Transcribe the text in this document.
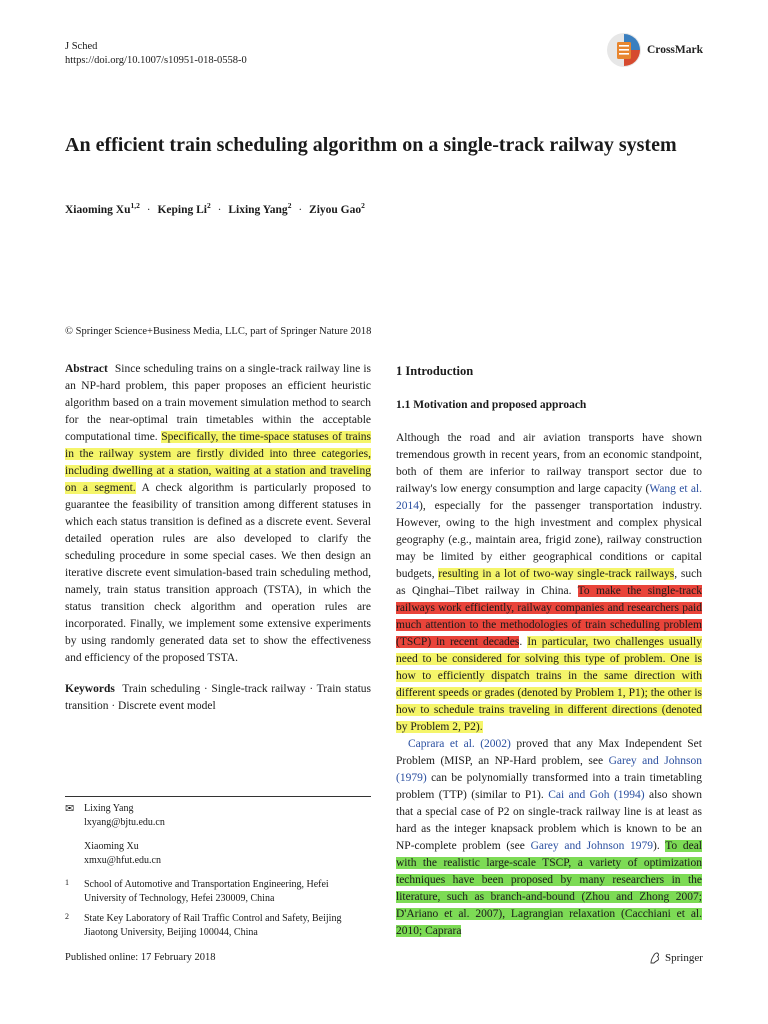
J Sched
https://doi.org/10.1007/s10951-018-0558-0
CrossMark
An efficient train scheduling algorithm on a single-track railway system
Xiaoming Xu$^{1,2}$ · Keping $Li^2$ · Lixing Yang$^2$ · Ziyou Gao$^2$
© Springer Science+Business Media, LLC, part of Springer Nature 2018

Abstract Since scheduling trains on a single-track railway line is an NP-hard problem, this paper proposes an efficient heuristic algorithm based on a train movement simulation method to search for the near-optimal train timetables within the acceptable computational time. Specifically, the time-space statuses of trains in the railway system are firstly divided into three categories, including dwelling at a station, waiting at a station and traveling on a segment. A check algorithm is particularly proposed to guarantee the feasibility of transition among different statuses in which each status transition is defined as a discrete event. Several detailed operation rules are also developed to clarify the scheduling procedure in some special cases. We then design an iterative discrete event simulation-based train scheduling method, namely, train status transition approach (TSTA), in which the status transition check algorithm and operation rules are incorporated. Finally, we implement some extensive experiments by using randomly generated data set to show the effectiveness and efficiency of the proposed TSTA.

Keywords Train scheduling · Single-track railway · Train status transition · Discrete event model

✉ Lixing Yang
lxyang@bjtu.edu.cn
Xiaoming Xu
xmxu@hfut.edu.cn
1	School of Automotive and Transportation Engineering, Hefei University of Technology, Hefei 230009, China
2	State Key Laboratory of Rail Traffic Control and Safety, Beijing Jiaotong University, Beijing 100044, China
1 Introduction
1.1 Motivation and proposed approach

Although the road and air aviation transports have shown tremendous growth in recent years, from an economic standpoint, both of them are inferior to railway transport sector due to railway's low energy consumption and large capacity (Wang et al. 2014), especially for the passenger transportation industry. However, owing to the high investment and complex physical geography (e.g., maintain area, frigid zone), railway construction may be limited by either geographical conditions or capital budgets, resulting in a lot of two-way single-track railways, such as Qinghai–Tibet railway in China. To make the single-track railways work efficiently, railway companies and researchers paid much attention to the methodologies of train scheduling problem (TSCP) in recent decades. In particular, two challenges usually need to be considered for solving this type of problem. One is how to efficiently dispatch trains in the same direction with different speeds or grades (denoted by Problem 1, P1); the other is how to schedule trains traveling in different directions (denoted by Problem 2, P2).

Caprara et al. (2002) proved that any Max Independent Set Problem (MISP, an NP-Hard problem, see Garey and Johnson (1979) can be polynomially transformed into a train timetabling problem (TTP) (similar to P1). Cai and Goh (1994) also shown that a special case of P2 on single-track railway line is at least as hard as the integer knapsack problem which is known to be an NP-complete problem (see Garey and Johnson 1979). To deal with the realistic large-scale TSCP, a variety of optimization techniques have been proposed by many researchers in the literature, such as branch-and-bound (Zhou and Zhong 2007; D'Ariano et al. 2007), Lagrangian relaxation (Cacchiani et al. 2010; Caprara

Published online: 17 February 2018	Springer
